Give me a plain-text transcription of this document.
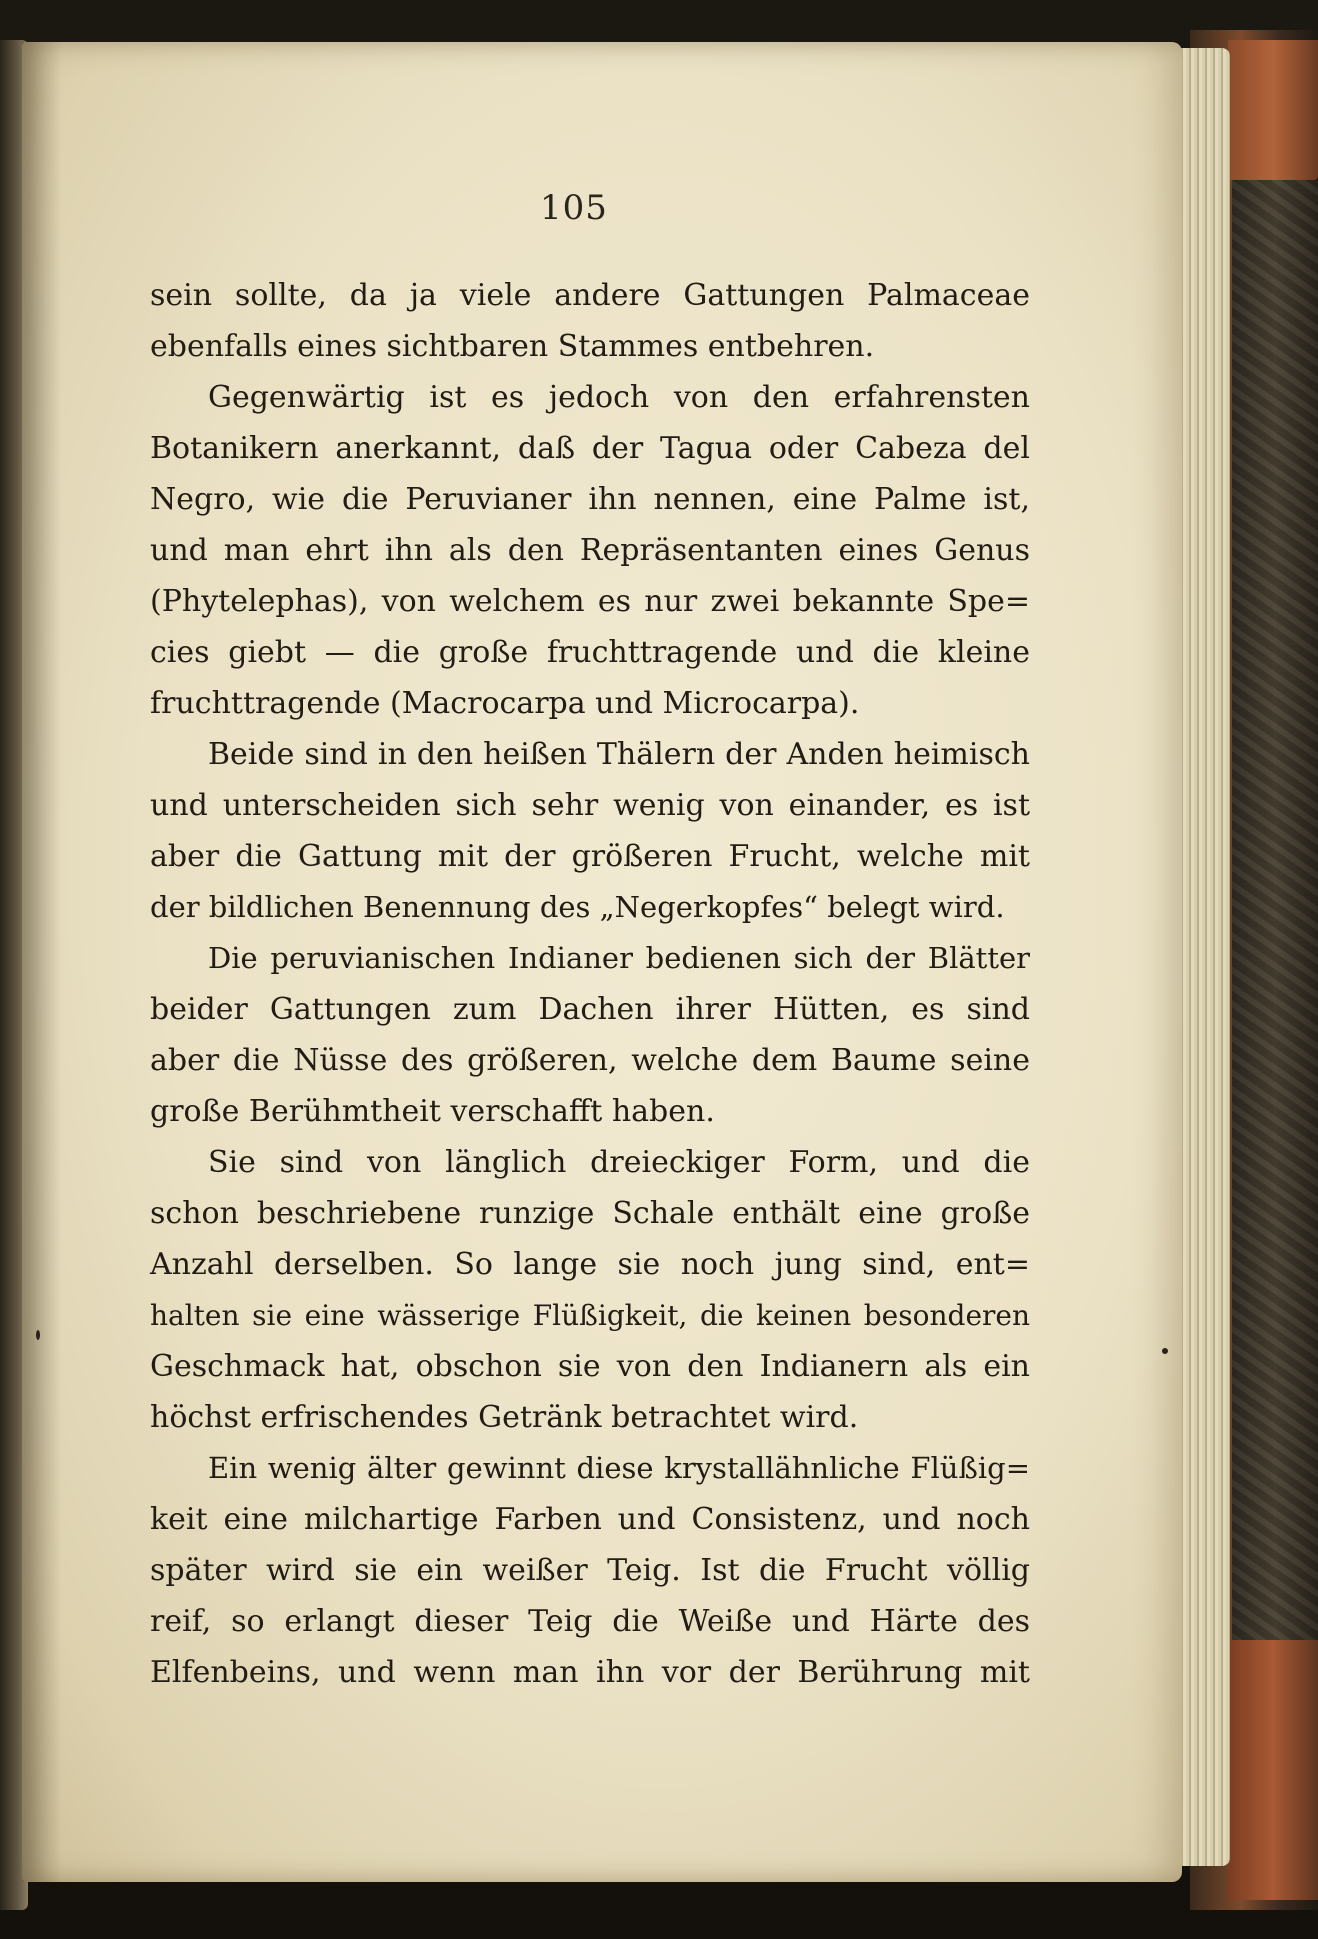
105
sein sollte, da ja viele andere Gattungen Palmaceae
ebenfalls eines sichtbaren Stammes entbehren.
Gegenwärtig ist es jedoch von den erfahrensten
Botanikern anerkannt, daß der Tagua oder Cabeza del
Negro, wie die Peruvianer ihn nennen, eine Palme ist,
und man ehrt ihn als den Repräsentanten eines Genus
(Phytelephas), von welchem es nur zwei bekannte Spe=
cies giebt — die große fruchttragende und die kleine
fruchttragende (Macrocarpa und Microcarpa).
Beide sind in den heißen Thälern der Anden heimisch
und unterscheiden sich sehr wenig von einander, es ist
aber die Gattung mit der größeren Frucht, welche mit
der bildlichen Benennung des „Negerkopfes“ belegt wird.
Die peruvianischen Indianer bedienen sich der Blätter
beider Gattungen zum Dachen ihrer Hütten, es sind
aber die Nüsse des größeren, welche dem Baume seine
große Berühmtheit verschafft haben.
Sie sind von länglich dreieckiger Form, und die
schon beschriebene runzige Schale enthält eine große
Anzahl derselben. So lange sie noch jung sind, ent=
halten sie eine wässerige Flüßigkeit, die keinen besonderen
Geschmack hat, obschon sie von den Indianern als ein
höchst erfrischendes Getränk betrachtet wird.
Ein wenig älter gewinnt diese krystallähnliche Flüßig=
keit eine milchartige Farben und Consistenz, und noch
später wird sie ein weißer Teig. Ist die Frucht völlig
reif, so erlangt dieser Teig die Weiße und Härte des
Elfenbeins, und wenn man ihn vor der Berührung mit
